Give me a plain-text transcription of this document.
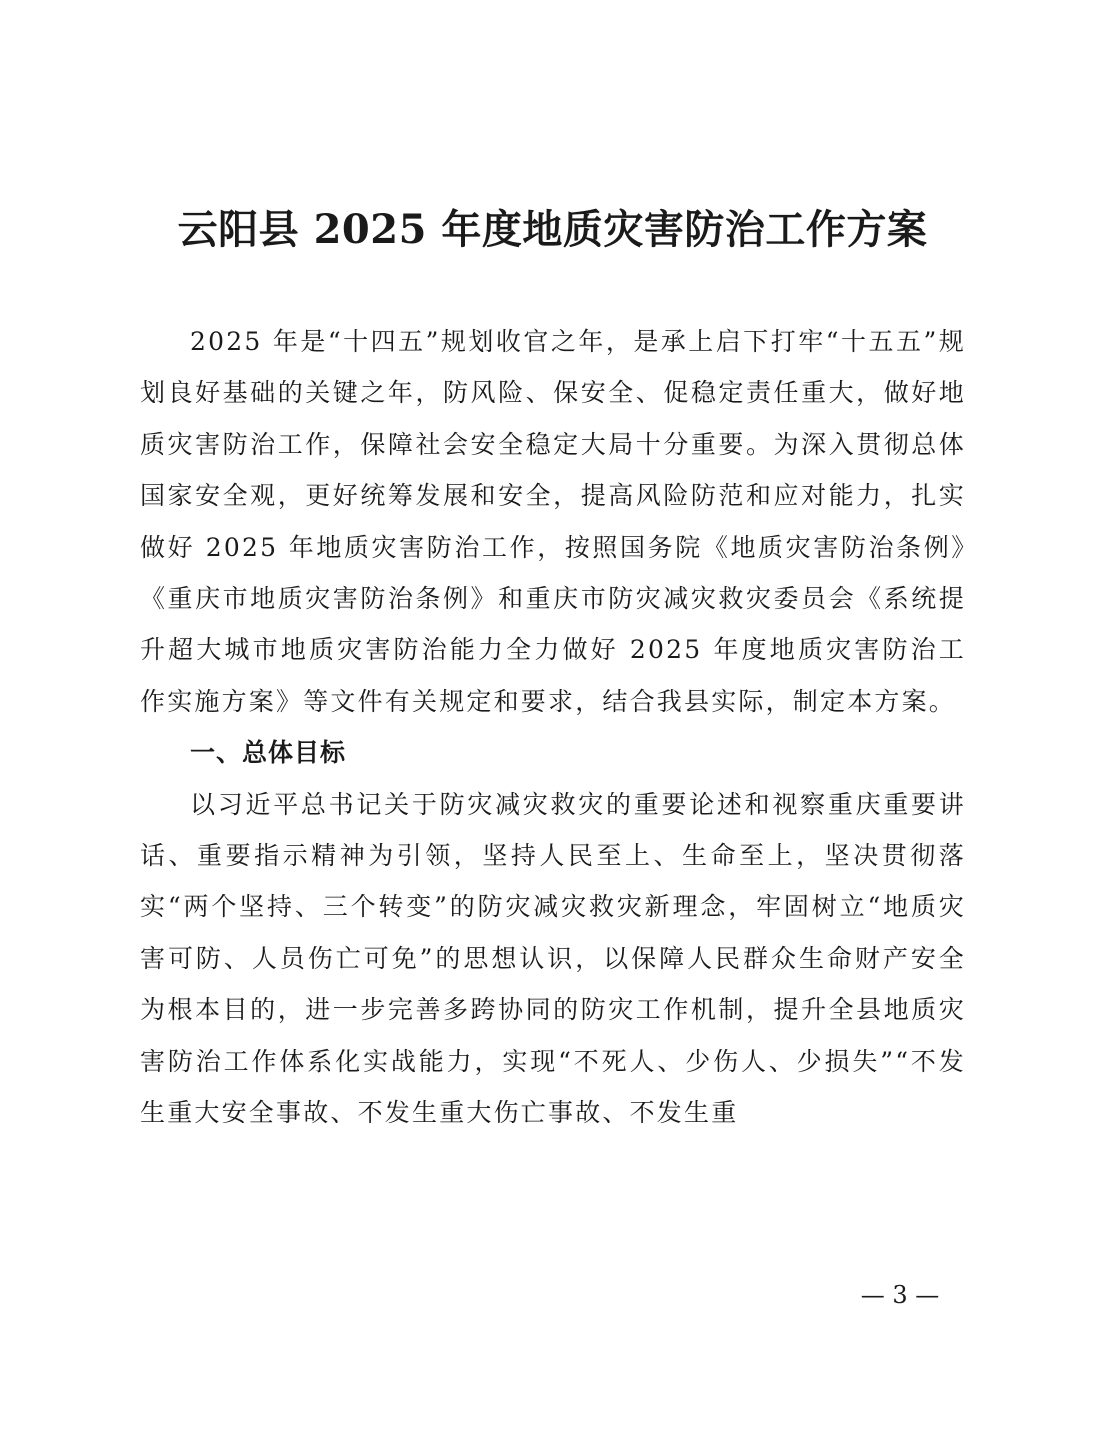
云阳县 2025 年度地质灾害防治工作方案

2025 年是“十四五”规划收官之年，是承上启下打牢“十五五”规划良好基础的关键之年，防风险、保安全、促稳定责任重大，做好地质灾害防治工作，保障社会安全稳定大局十分重要。为深入贯彻总体国家安全观，更好统筹发展和安全，提高风险防范和应对能力，扎实做好 2025 年地质灾害防治工作，按照国务院《地质灾害防治条例》《重庆市地质灾害防治条例》和重庆市防灾减灾救灾委员会《系统提升超大城市地质灾害防治能力全力做好 2025 年度地质灾害防治工作实施方案》等文件有关规定和要求，结合我县实际，制定本方案。

一、总体目标

以习近平总书记关于防灾减灾救灾的重要论述和视察重庆重要讲话、重要指示精神为引领，坚持人民至上、生命至上，坚决贯彻落实“两个坚持、三个转变”的防灾减灾救灾新理念，牢固树立“地质灾害可防、人员伤亡可免”的思想认识，以保障人民群众生命财产安全为根本目的，进一步完善多跨协同的防灾工作机制，提升全县地质灾害防治工作体系化实战能力，实现“不死人、少伤人、少损失”“不发生重大安全事故、不发生重大伤亡事故、不发生重

— 3 —
